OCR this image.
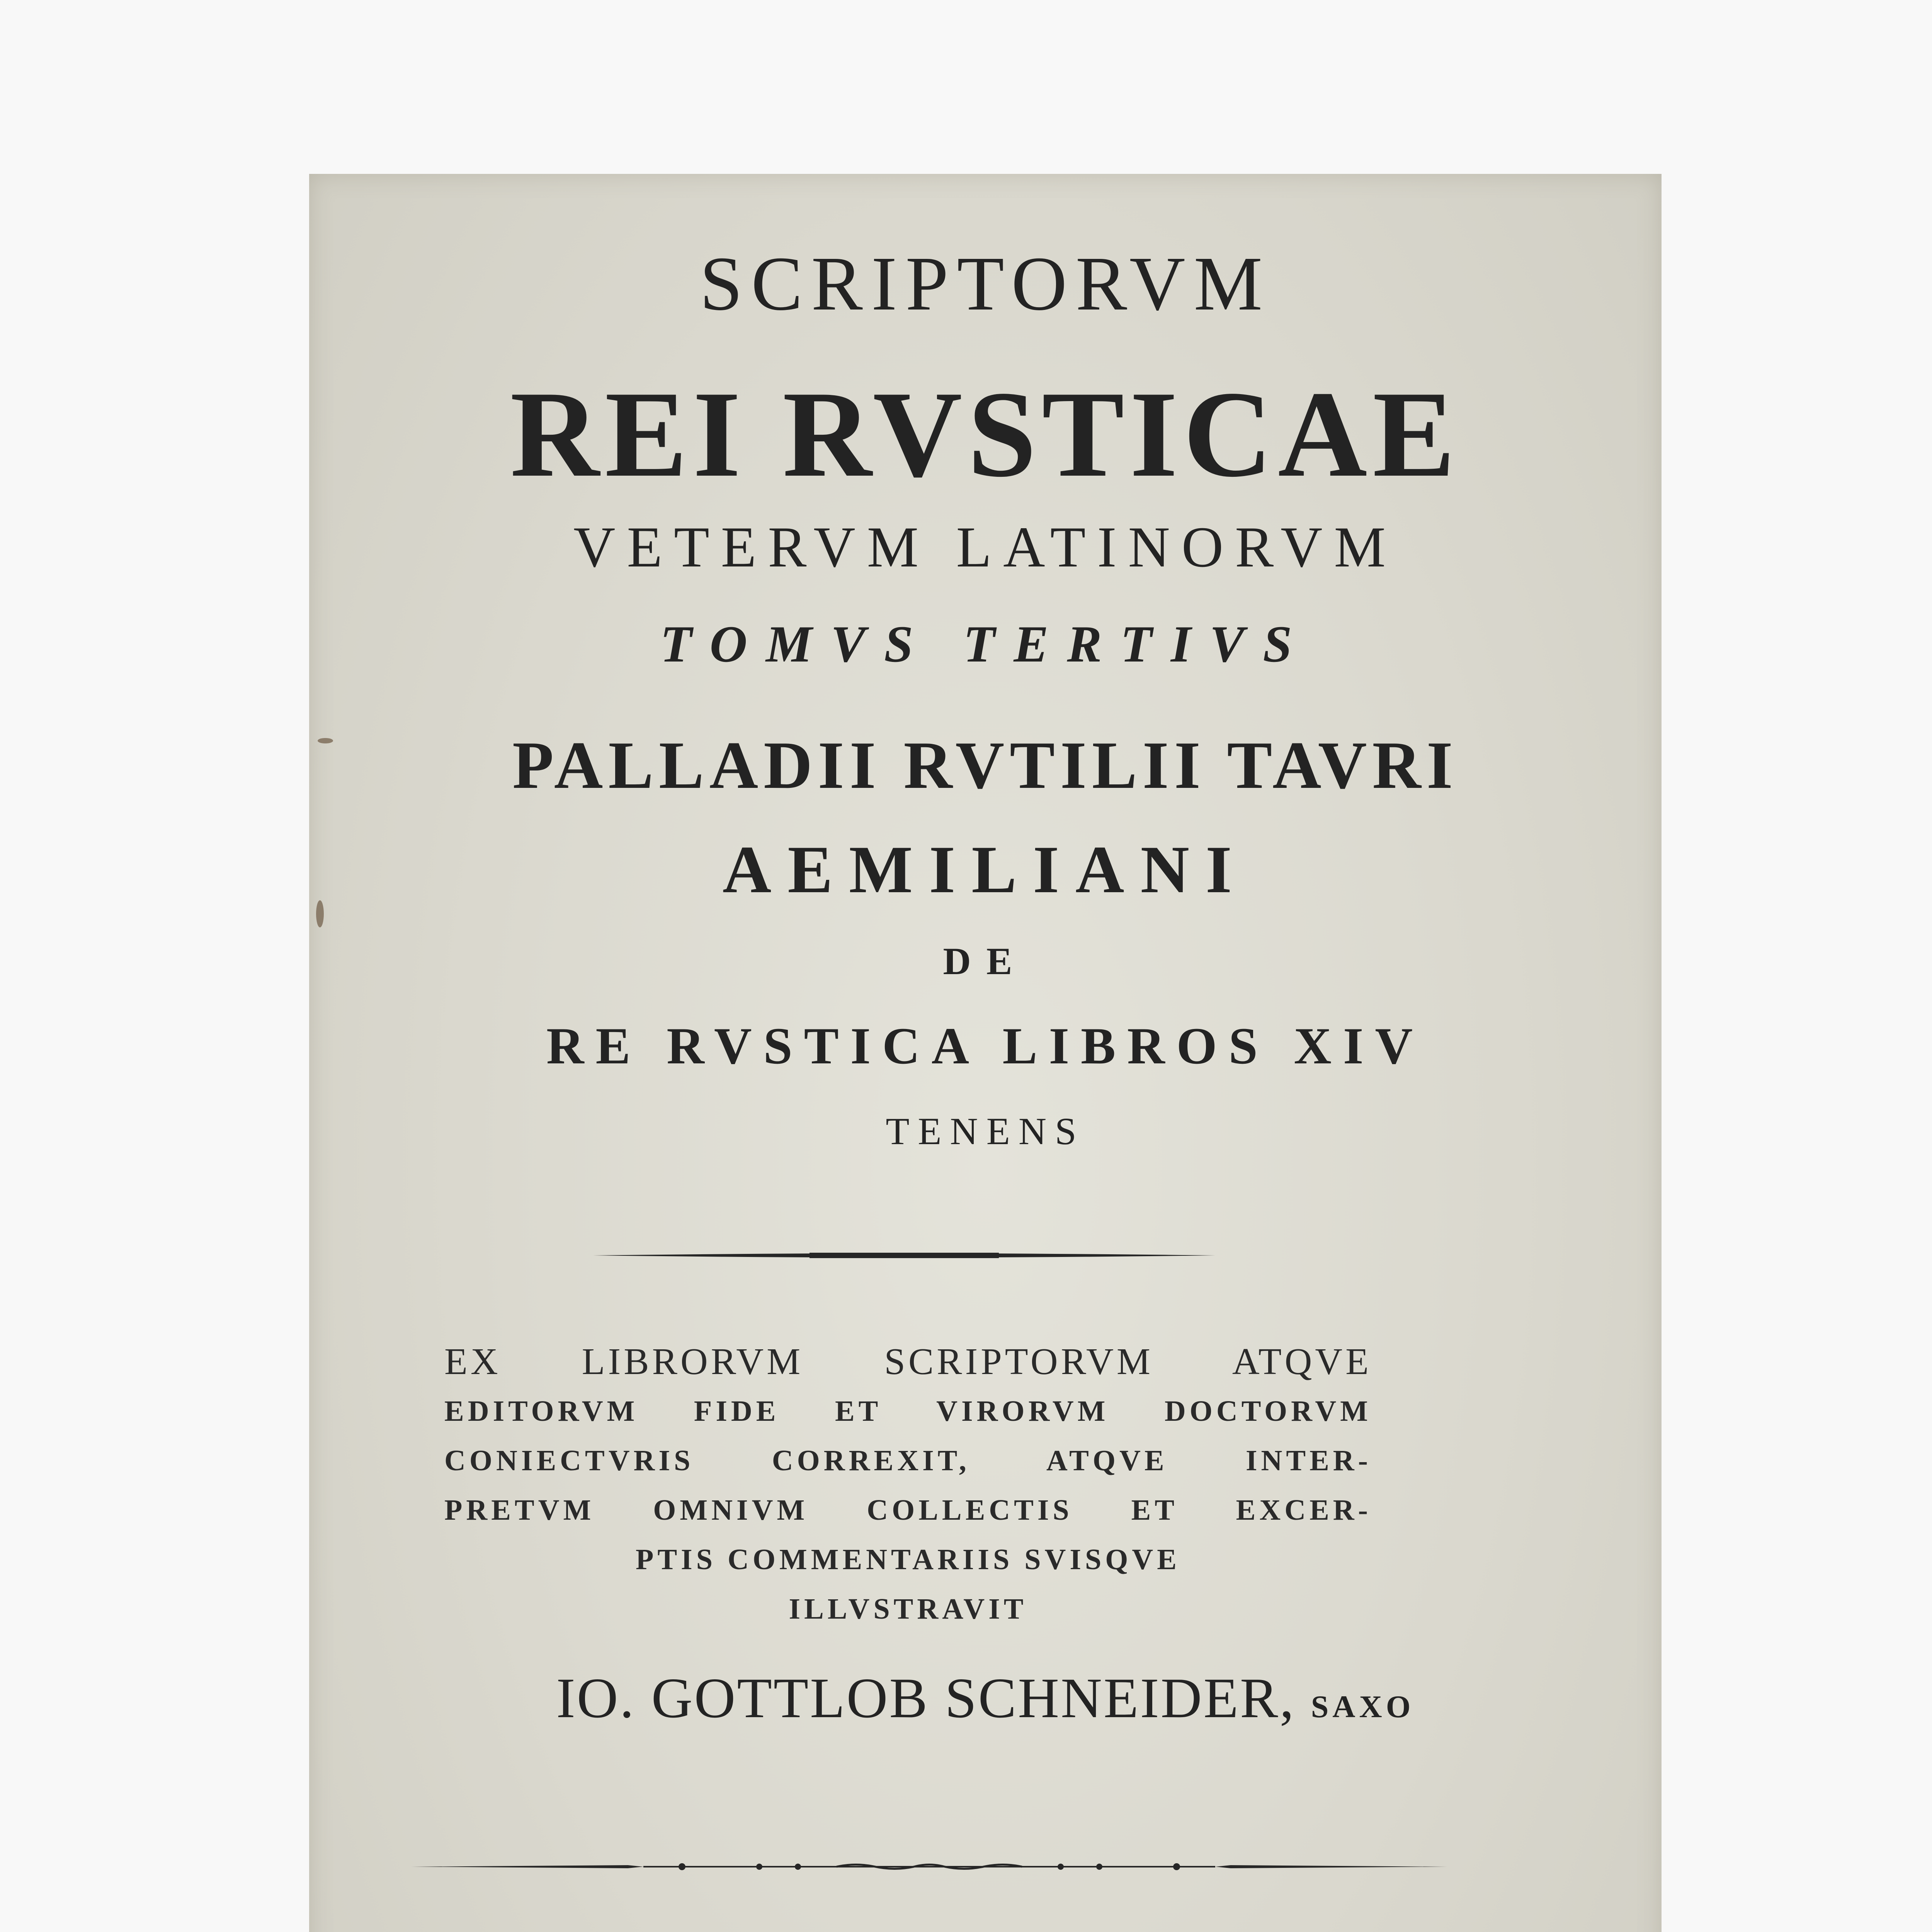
SCRIPTORVM
REI RVSTICAE
VETERVM LATINORVM
TOMVS TERTIVS
PALLADII RVTILII TAVRI
AEMILIANI
DE
RE RVSTICA LIBROS XIV
TENENS
EX LIBRORVM SCRIPTORVM ATQVE
EDITORVM FIDE ET VIRORVM DOCTORVM
CONIECTVRIS CORREXIT, ATQVE INTER-
PRETVM OMNIVM COLLECTIS ET EXCER-
PTIS COMMENTARIIS SVISQVE
ILLVSTRAVIT
IO. GOTTLOB SCHNEIDER, SAXO
